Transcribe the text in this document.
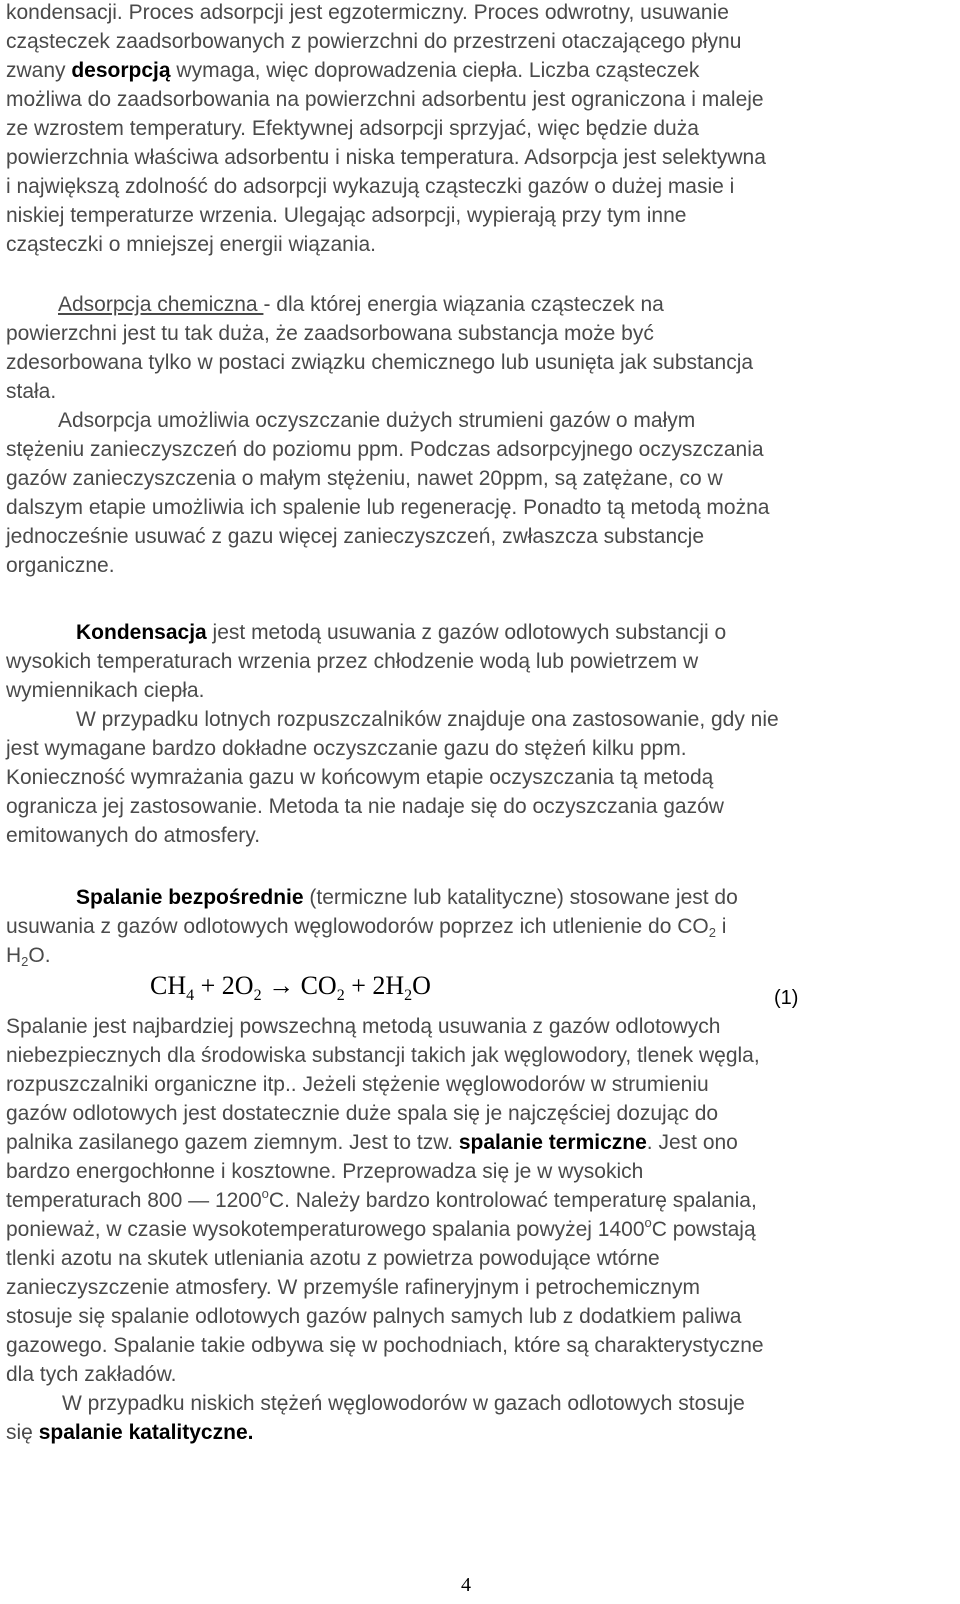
kondensacji. Proces adsorpcji jest egzotermiczny. Proces odwrotny, usuwanie
cząsteczek zaadsorbowanych z powierzchni do przestrzeni otaczającego płynu
zwany desorpcją wymaga, więc doprowadzenia ciepła. Liczba cząsteczek
możliwa do zaadsorbowania na powierzchni adsorbentu jest ograniczona i maleje
ze wzrostem temperatury. Efektywnej adsorpcji sprzyjać, więc będzie duża
powierzchnia właściwa adsorbentu i niska temperatura. Adsorpcja jest selektywna
i największą zdolność do adsorpcji wykazują cząsteczki gazów o dużej masie i
niskiej temperaturze wrzenia. Ulegając adsorpcji, wypierają przy tym inne
cząsteczki o mniejszej energii wiązania.
Adsorpcja chemiczna - dla której energia wiązania cząsteczek na
powierzchni jest tu tak duża, że zaadsorbowana substancja może być
zdesorbowana tylko w postaci związku chemicznego lub usunięta jak substancja
stała.
Adsorpcja umożliwia oczyszczanie dużych strumieni gazów o małym
stężeniu zanieczyszczeń do poziomu ppm. Podczas adsorpcyjnego oczyszczania
gazów zanieczyszczenia o małym stężeniu, nawet 20ppm, są zatężane, co w
dalszym etapie umożliwia ich spalenie lub regenerację. Ponadto tą metodą można
jednocześnie usuwać z gazu więcej zanieczyszczeń, zwłaszcza substancje
organiczne.
Kondensacja jest metodą usuwania z gazów odlotowych substancji o
wysokich temperaturach wrzenia przez chłodzenie wodą lub powietrzem w
wymiennikach ciepła.
W przypadku lotnych rozpuszczalników znajduje ona zastosowanie, gdy nie
jest wymagane bardzo dokładne oczyszczanie gazu do stężeń kilku ppm.
Konieczność wymrażania gazu w końcowym etapie oczyszczania tą metodą
ogranicza jej zastosowanie. Metoda ta nie nadaje się do oczyszczania gazów
emitowanych do atmosfery.
Spalanie bezpośrednie (termiczne lub katalityczne) stosowane jest do
usuwania z gazów odlotowych węglowodorów poprzez ich utlenienie do $CO_2$ i
$H_2O$.
$CH_4 + 2O_2 \to CO_2 + 2H_2O$	(1)
Spalanie jest najbardziej powszechną metodą usuwania z gazów odlotowych
niebezpiecznych dla środowiska substancji takich jak węglowodory, tlenek węgla,
rozpuszczalniki organiczne itp.. Jeżeli stężenie węglowodorów w strumieniu
gazów odlotowych jest dostatecznie duże spala się je najczęściej dozując do
palnika zasilanego gazem ziemnym. Jest to tzw. spalanie termiczne. Jest ono
bardzo energochłonne i kosztowne. Przeprowadza się je w wysokich
temperaturach 800 — 1200$^o$C. Należy bardzo kontrolować temperaturę spalania,
ponieważ, w czasie wysokotemperaturowego spalania powyżej 1400$^o$C powstają
tlenki azotu na skutek utleniania azotu z powietrza powodujące wtórne
zanieczyszczenie atmosfery. W przemyśle rafineryjnym i petrochemicznym
stosuje się spalanie odlotowych gazów palnych samych lub z dodatkiem paliwa
gazowego. Spalanie takie odbywa się w pochodniach, które są charakterystyczne
dla tych zakładów.
W przypadku niskich stężeń węglowodorów w gazach odlotowych stosuje
się spalanie katalityczne.
4
